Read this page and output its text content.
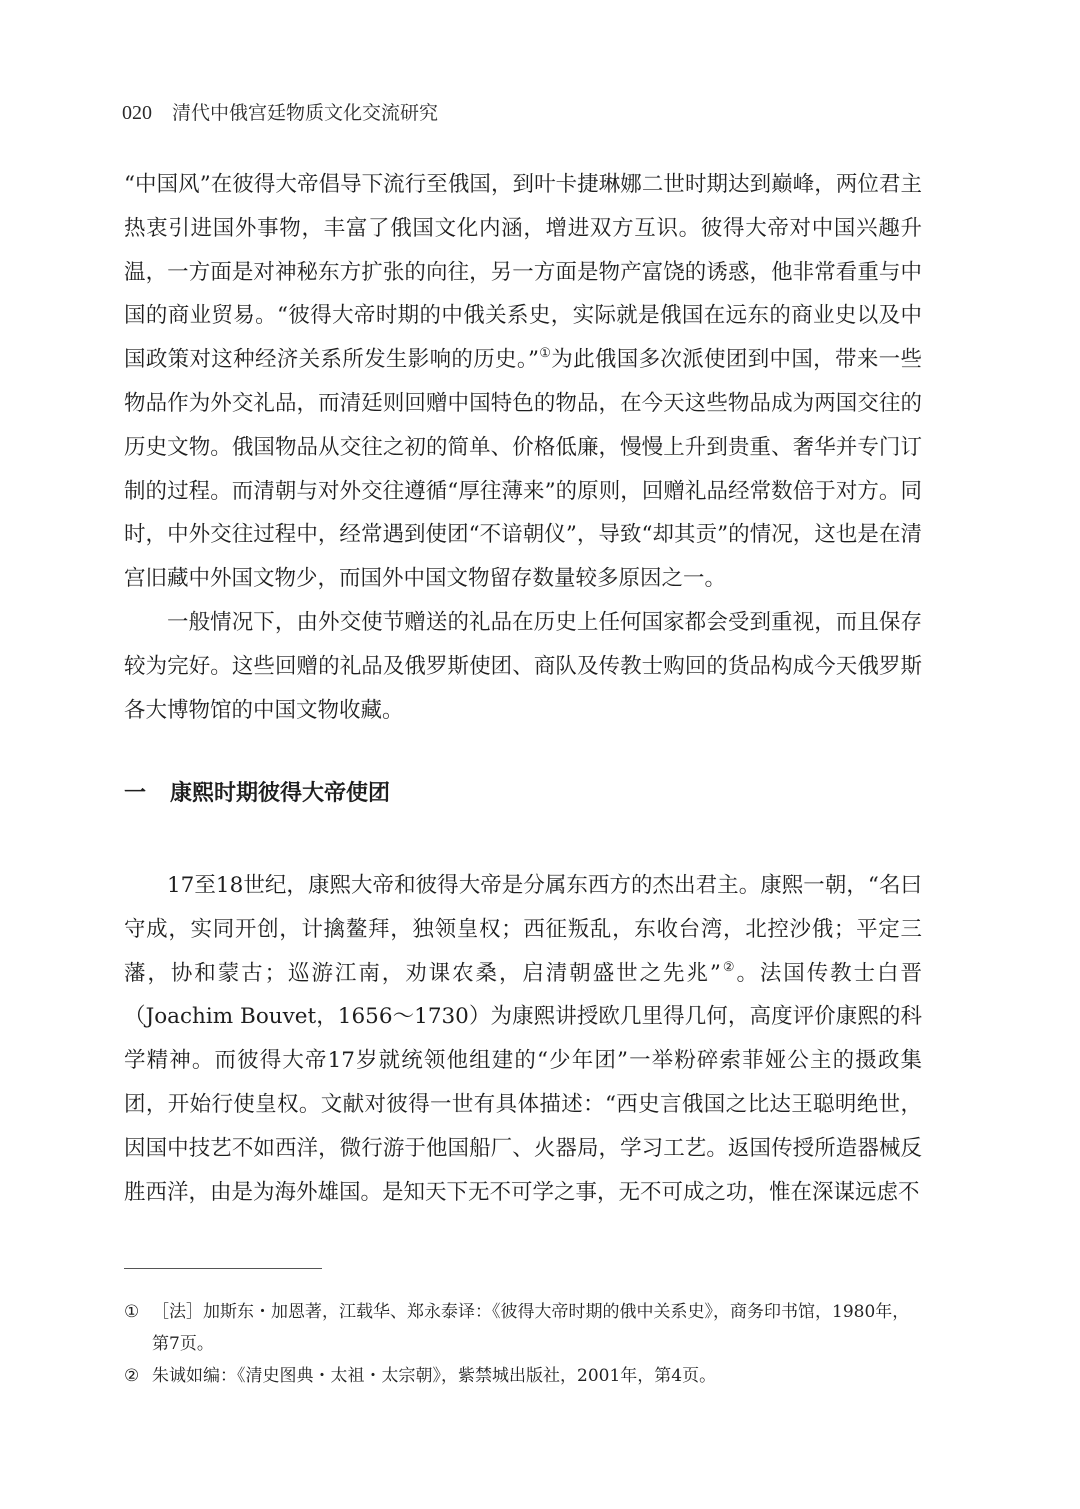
020 清代中俄宫廷物质文化交流研究

“中国风”在彼得大帝倡导下流行至俄国，到叶卡捷琳娜二世时期达到巅峰，两位君主热衷引进国外事物，丰富了俄国文化内涵，增进双方互识。彼得大帝对中国兴趣升温，一方面是对神秘东方扩张的向往，另一方面是物产富饶的诱惑，他非常看重与中国的商业贸易。“彼得大帝时期的中俄关系史，实际就是俄国在远东的商业史以及中国政策对这种经济关系所发生影响的历史。”①为此俄国多次派使团到中国，带来一些物品作为外交礼品，而清廷则回赠中国特色的物品，在今天这些物品成为两国交往的历史文物。俄国物品从交往之初的简单、价格低廉，慢慢上升到贵重、奢华并专门订制的过程。而清朝与对外交往遵循“厚往薄来”的原则，回赠礼品经常数倍于对方。同时，中外交往过程中，经常遇到使团“不谙朝仪”，导致“却其贡”的情况，这也是在清宫旧藏中外国文物少，而国外中国文物留存数量较多原因之一。

一般情况下，由外交使节赠送的礼品在历史上任何国家都会受到重视，而且保存较为完好。这些回赠的礼品及俄罗斯使团、商队及传教士购回的货品构成今天俄罗斯各大博物馆的中国文物收藏。

一 康熙时期彼得大帝使团

17至18世纪，康熙大帝和彼得大帝是分属东西方的杰出君主。康熙一朝，“名曰守成，实同开创，计擒鳌拜，独领皇权；西征叛乱，东收台湾，北控沙俄；平定三藩，协和蒙古；巡游江南，劝课农桑，启清朝盛世之先兆”②。法国传教士白晋（Joachim Bouvet，1656～1730）为康熙讲授欧几里得几何，高度评价康熙的科学精神。而彼得大帝17岁就统领他组建的“少年团”一举粉碎索菲娅公主的摄政集团，开始行使皇权。文献对彼得一世有具体描述：“西史言俄国之比达王聪明绝世，因国中技艺不如西洋，微行游于他国船厂、火器局，学习工艺。返国传授所造器械反胜西洋，由是为海外雄国。是知天下无不可学之事，无不可成之功，惟在深谋远虑不

① ［法］加斯东・加恩著，江载华、郑永泰译：《彼得大帝时期的俄中关系史》，商务印书馆，1980年，第7页。
② 朱诚如编：《清史图典・太祖・太宗朝》，紫禁城出版社，2001年，第4页。
